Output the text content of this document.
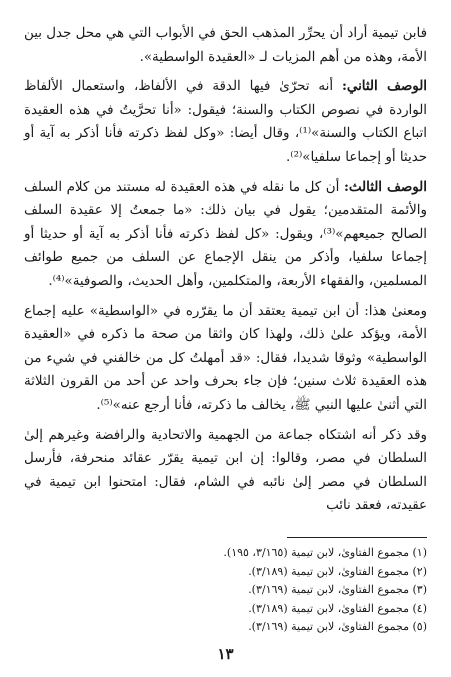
فابن تيمية أراد أن يحرِّر المذهب الحق في الأبواب التي هي محل جدل بين الأمة، وهذه من أهم المزيات لـ «العقيدة الواسطية».

الوصف الثاني: أنه تحرّىٰ فيها الدقة في الألفاظ، واستعمال الألفاظ الواردة في نصوص الكتاب والسنة؛ فيقول: «أنا تحرَّيتُ في هذه العقيدة اتباع الكتاب والسنة»⁽¹⁾، وقال أيضا: «وكل لفظ ذكرته فأنا أذكر به آية أو حديثا أو إجماعا سلفيا»⁽²⁾.

الوصف الثالث: أن كل ما نقله في هذه العقيدة له مستند من كلام السلف والأئمة المتقدمين؛ يقول في بيان ذلك: «ما جمعتُ إلا عقيدة السلف الصالح جميعهم»⁽³⁾، ويقول: «كل لفظ ذكرته فأنا أذكر به آية أو حديثا أو إجماعا سلفيا، وأذكر من ينقل الإجماع عن السلف من جميع طوائف المسلمين، والفقهاء الأربعة، والمتكلمين، وأهل الحديث، والصوفية»⁽⁴⁾.

ومعنىٰ هذا: أن ابن تيمية يعتقد أن ما يقرّره في «الواسطية» عليه إجماع الأمة، ويؤكد علىٰ ذلك، ولهذا كان واثقا من صحة ما ذكره في «العقيدة الواسطية» وثوقا شديدا، فقال: «قد أمهلتُ كل من خالفني في شيء من هذه العقيدة ثلاث سنين؛ فإن جاء بحرف واحد عن أحد من القرون الثلاثة التي أثنىٰ عليها النبي ﷺ، يخالف ما ذكرته، فأنا أرجع عنه»⁽⁵⁾.

وقد ذكر أنه اشتكاه جماعة من الجهمية والاتحادية والرافضة وغيرهم إلىٰ السلطان في مصر، وقالوا: إن ابن تيمية يقرّر عقائد منحرفة، فأرسل السلطان في مصر إلىٰ نائبه في الشام، فقال: امتحنوا ابن تيمية في عقيدته، فعقد نائب

(١) مجموع الفتاوىٰ، لابن تيمية (٣/١٦٥، ١٩٥).

(٢) مجموع الفتاوىٰ، لابن تيمية (٣/١٨٩).

(٣) مجموع الفتاوىٰ، لابن تيمية (٣/١٦٩).

(٤) مجموع الفتاوىٰ، لابن تيمية (٣/١٨٩).

(٥) مجموع الفتاوىٰ، لابن تيمية (٣/١٦٩).

١٣
